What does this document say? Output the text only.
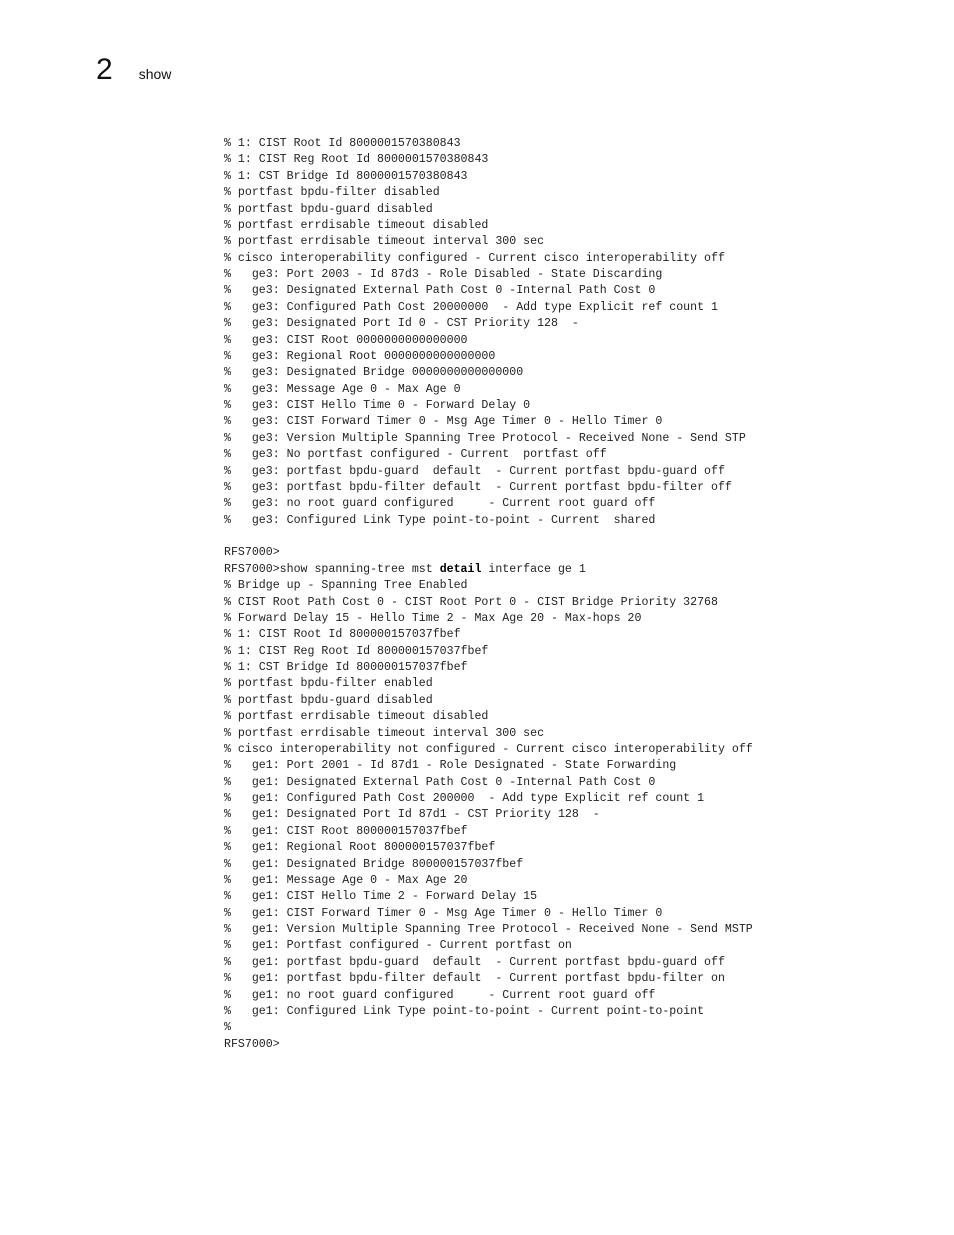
2 show
% 1: CIST Root Id 8000001570380843
% 1: CIST Reg Root Id 8000001570380843
% 1: CST Bridge Id 8000001570380843
% portfast bpdu-filter disabled
% portfast bpdu-guard disabled
% portfast errdisable timeout disabled
% portfast errdisable timeout interval 300 sec
% cisco interoperability configured - Current cisco interoperability off
%   ge3: Port 2003 - Id 87d3 - Role Disabled - State Discarding
%   ge3: Designated External Path Cost 0 -Internal Path Cost 0
%   ge3: Configured Path Cost 20000000  - Add type Explicit ref count 1
%   ge3: Designated Port Id 0 - CST Priority 128  -
%   ge3: CIST Root 0000000000000000
%   ge3: Regional Root 0000000000000000
%   ge3: Designated Bridge 0000000000000000
%   ge3: Message Age 0 - Max Age 0
%   ge3: CIST Hello Time 0 - Forward Delay 0
%   ge3: CIST Forward Timer 0 - Msg Age Timer 0 - Hello Timer 0
%   ge3: Version Multiple Spanning Tree Protocol - Received None - Send STP
%   ge3: No portfast configured - Current  portfast off
%   ge3: portfast bpdu-guard  default  - Current portfast bpdu-guard off
%   ge3: portfast bpdu-filter default  - Current portfast bpdu-filter off
%   ge3: no root guard configured     - Current root guard off
%   ge3: Configured Link Type point-to-point - Current  shared
RFS7000>
RFS7000>show spanning-tree mst detail interface ge 1
% Bridge up - Spanning Tree Enabled
% CIST Root Path Cost 0 - CIST Root Port 0 - CIST Bridge Priority 32768
% Forward Delay 15 - Hello Time 2 - Max Age 20 - Max-hops 20
% 1: CIST Root Id 800000157037fbef
% 1: CIST Reg Root Id 800000157037fbef
% 1: CST Bridge Id 800000157037fbef
% portfast bpdu-filter enabled
% portfast bpdu-guard disabled
% portfast errdisable timeout disabled
% portfast errdisable timeout interval 300 sec
% cisco interoperability not configured - Current cisco interoperability off
%   ge1: Port 2001 - Id 87d1 - Role Designated - State Forwarding
%   ge1: Designated External Path Cost 0 -Internal Path Cost 0
%   ge1: Configured Path Cost 200000  - Add type Explicit ref count 1
%   ge1: Designated Port Id 87d1 - CST Priority 128  -
%   ge1: CIST Root 800000157037fbef
%   ge1: Regional Root 800000157037fbef
%   ge1: Designated Bridge 800000157037fbef
%   ge1: Message Age 0 - Max Age 20
%   ge1: CIST Hello Time 2 - Forward Delay 15
%   ge1: CIST Forward Timer 0 - Msg Age Timer 0 - Hello Timer 0
%   ge1: Version Multiple Spanning Tree Protocol - Received None - Send MSTP
%   ge1: Portfast configured - Current portfast on
%   ge1: portfast bpdu-guard  default  - Current portfast bpdu-guard off
%   ge1: portfast bpdu-filter default  - Current portfast bpdu-filter on
%   ge1: no root guard configured     - Current root guard off
%   ge1: Configured Link Type point-to-point - Current point-to-point
%
RFS7000>
